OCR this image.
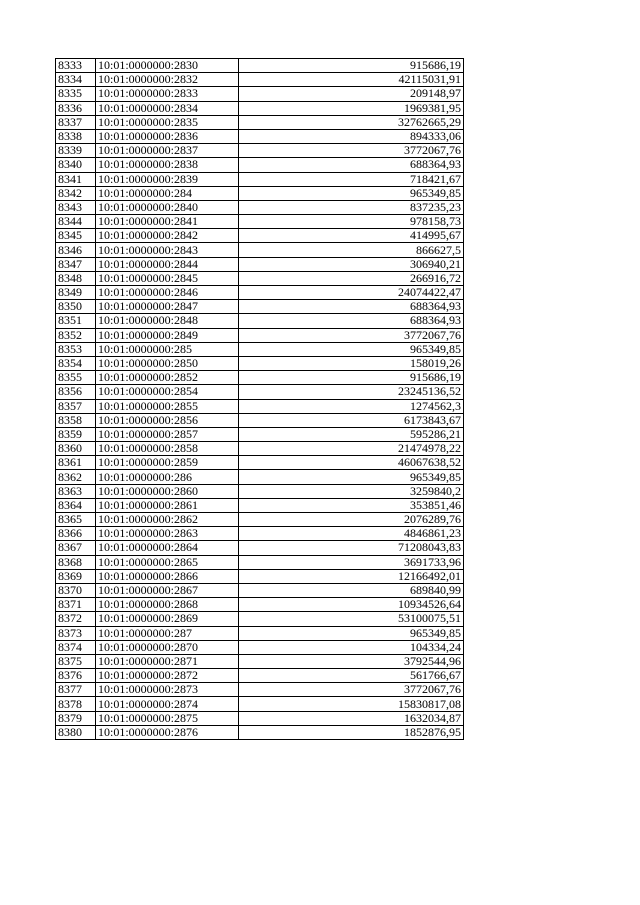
8333	10:01:0000000:2830	915686,19
8334	10:01:0000000:2832	42115031,91
8335	10:01:0000000:2833	209148,97
8336	10:01:0000000:2834	1969381,95
8337	10:01:0000000:2835	32762665,29
8338	10:01:0000000:2836	894333,06
8339	10:01:0000000:2837	3772067,76
8340	10:01:0000000:2838	688364,93
8341	10:01:0000000:2839	718421,67
8342	10:01:0000000:284	965349,85
8343	10:01:0000000:2840	837235,23
8344	10:01:0000000:2841	978158,73
8345	10:01:0000000:2842	414995,67
8346	10:01:0000000:2843	866627,5
8347	10:01:0000000:2844	306940,21
8348	10:01:0000000:2845	266916,72
8349	10:01:0000000:2846	24074422,47
8350	10:01:0000000:2847	688364,93
8351	10:01:0000000:2848	688364,93
8352	10:01:0000000:2849	3772067,76
8353	10:01:0000000:285	965349,85
8354	10:01:0000000:2850	158019,26
8355	10:01:0000000:2852	915686,19
8356	10:01:0000000:2854	23245136,52
8357	10:01:0000000:2855	1274562,3
8358	10:01:0000000:2856	6173843,67
8359	10:01:0000000:2857	595286,21
8360	10:01:0000000:2858	21474978,22
8361	10:01:0000000:2859	46067638,52
8362	10:01:0000000:286	965349,85
8363	10:01:0000000:2860	3259840,2
8364	10:01:0000000:2861	353851,46
8365	10:01:0000000:2862	2076289,76
8366	10:01:0000000:2863	4846861,23
8367	10:01:0000000:2864	71208043,83
8368	10:01:0000000:2865	3691733,96
8369	10:01:0000000:2866	12166492,01
8370	10:01:0000000:2867	689840,99
8371	10:01:0000000:2868	10934526,64
8372	10:01:0000000:2869	53100075,51
8373	10:01:0000000:287	965349,85
8374	10:01:0000000:2870	104334,24
8375	10:01:0000000:2871	3792544,96
8376	10:01:0000000:2872	561766,67
8377	10:01:0000000:2873	3772067,76
8378	10:01:0000000:2874	15830817,08
8379	10:01:0000000:2875	1632034,87
8380	10:01:0000000:2876	1852876,95
